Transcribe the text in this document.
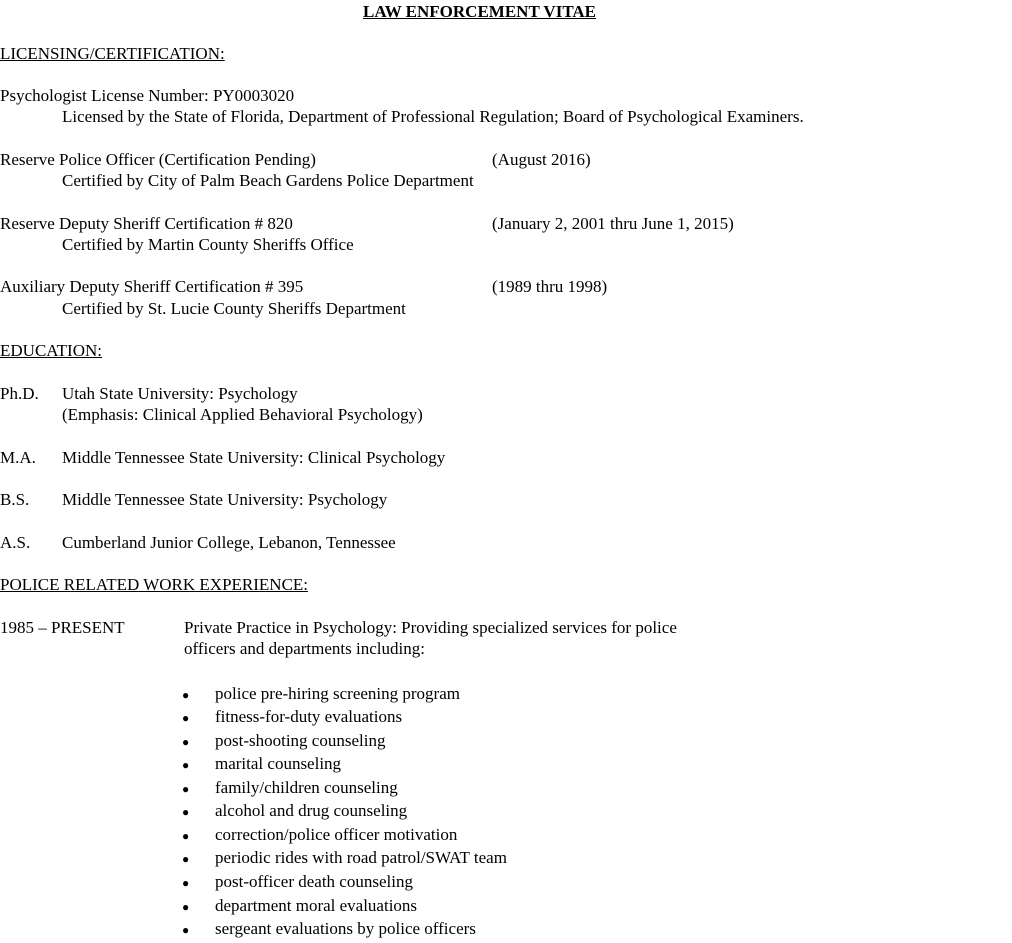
LAW ENFORCEMENT VITAE
LICENSING/CERTIFICATION:
Psychologist License Number: PY0003020
Licensed by the State of Florida, Department of Professional Regulation; Board of Psychological Examiners.
Reserve Police Officer (Certification Pending)	(August 2016)
Certified by City of Palm Beach Gardens Police Department
Reserve Deputy Sheriff Certification # 820	(January 2, 2001 thru June 1, 2015)
Certified by Martin County Sheriffs Office
Auxiliary Deputy Sheriff Certification # 395	(1989 thru 1998)
Certified by St. Lucie County Sheriffs Department
EDUCATION:
Ph.D. Utah State University: Psychology
(Emphasis: Clinical Applied Behavioral Psychology)
M.A. Middle Tennessee State University: Clinical Psychology
B.S. Middle Tennessee State University: Psychology
A.S. Cumberland Junior College, Lebanon, Tennessee
POLICE RELATED WORK EXPERIENCE:
1985 – PRESENT	Private Practice in Psychology: Providing specialized services for police
officers and departments including:
● police pre-hiring screening program
● fitness-for-duty evaluations
● post-shooting counseling
● marital counseling
● family/children counseling
● alcohol and drug counseling
● correction/police officer motivation
● periodic rides with road patrol/SWAT team
● post-officer death counseling
● department moral evaluations
● sergeant evaluations by police officers
